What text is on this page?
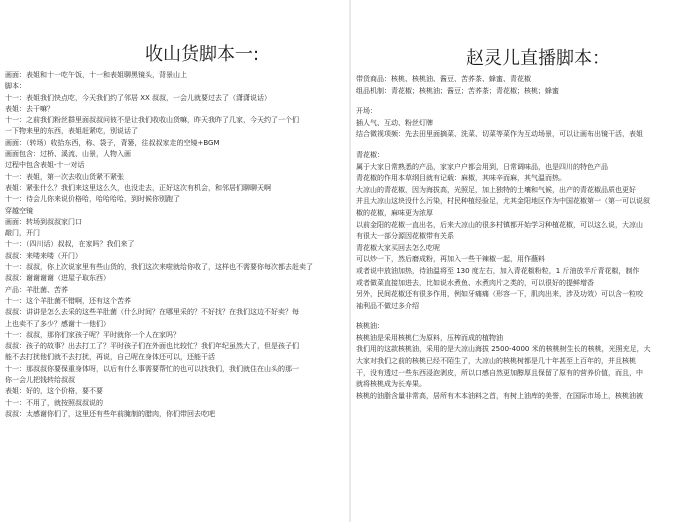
收山货脚本一:
画面：表姐和十一吃午饭，十一和表姐聊黑镜头，背景山上
脚本：
十一：表姐我们快点吃，今天我们约了邻居 XX 叔叔，一会儿就要过去了（潇潇说话）
表姐：去干嘛？
十一：之前我们粉丝群里面叔叔问彼不是让我们收收山货嘛，昨天我昨了几家，今天约了一个们
一下物来里的东西，表姐赶紧吃，别说话了
画面：（转场）收拾东西，称、袋子，背篓，往叔叔家走的空镜+BGM
画面包含：过桥、溪流、山景，人物入画
过程中包含表姐-十一对话
十一：表姐，第一次去收山货紧不紧张
表姐：紧张什么？我们来这里这么久，也没走去，正好这次有机会，和邻居们聊聊天啊
十一：待会儿你来说价格哈，哈哈哈哈，到时候你别跑了
穿越空镜
画面：转场到叔叔家门口
敲门，开门
十一：（四川话）叔叔，在家吗？我们来了
叔叔：来喽来喽（开门）
十一：叔叔，你上次说家里有些山货的，我们这次来啦就给你收了，这样也不需要你每次都去赶卖了
叔叔：谢谢谢谢（进屋子取东西）
产品：羊肚菌、苦荞
十一：这个羊肚菌不错啊，还有这个苦荞
叔叔：讲讲是怎么去采的这些羊肚菌（什么时间？在哪里采的？不好找？在我们这边不好卖？每
上也卖不了多少？感谢十一他们）
十一：叔叔，那你们家孩子呢？平时就你一个人在家吗？
叔叔：孩子的故事？出去打工了？平时孩子们在外面也比较忙？我们年纪虽然大了，但是孩子们
能不去打扰他们就不去打扰，再说，自己呢在身体还可以，还能干活
十一：那叔叔你要保重身体呀，以后有什么事需要帮忙的也可以找我们，我们就住在山头的那一
你一会儿把钱转给叔叔
表姐：好的，这个价格，要不要
十一：不用了，就按照叔叔说的
叔叔：太感谢你们了，这里还有些年前腌制的腊肉，你们带回去吃吧
赵灵儿直播脚本：
带货商品：核桃、核桃油、酱豆、苦荞茶、蜂蜜、青花椒
组品机制：青花椒；核桃油；酱豆；苦荞茶；青花椒；核桃；蜂蜜
开场：
插人气、互动、粉丝灯牌
结合微视项频：先去田里面摘菜、洗菜、切菜等菜作为互动场景，可以让画布出镜干活，表姐
青花椒：
属于大家日常熟悉的产品，家家户户都会用到，日常调味品，也是四川的特色产品
青花椒的作用本草纲目就有记载：麻椒，其味辛而麻，其气温而热。
大凉山的青花椒，因为海拔高，光照足，加上独特的土壤和气候，出产的青花椒品质也更好
并且大凉山这块没什么污染，村民种植经验足，尤其金阳地区作为中国花椒第一（第一可以说叙
椒的花椒，麻味更为浓厚
以前金阳的花椒一直出名，后来大凉山的很多村镇都开始学习种植花椒，可以这么说，大凉山
有很大一部分源因花椒带有关系
青花椒大家买回去怎么吃呢
可以炒一下，然后磨成粉，再加入一些干辣椒一起，用作蘸料
或者说中放油加热，待油温将至 130 度左右，加入青花椒粉粒，1 斤油放半斤青花椒，制作
或者做菜直接加进去，比如说水煮鱼、水煮肉片之类的，可以很好的提鲜增香
另外，民间花椒还有很多作用，例如牙痛痛（形容一下，肌肉出来，涉及功效）可以含一粒咬
袖利品不做过多介绍
核桃油：
核桃油是采用核桃仁为原料，压榨而成的植物油
我们用的这款核桃油，采用的是大凉山海拔 2500-4000 米的核桃树生长的核桃，光照充足，大
大家对我们之前的核桃已经不陌生了，大凉山的核桃树都是几十年甚至上百年的，并且核桃
干，没有透过一些东西浸泡剥皮，所以口感自然更加醇厚且保留了原有的营养价值，而且，中
就将核桃成为长寿果。
核桃的油脂含量非常高，居所有木本油料之首，有树上油库的美誉，在国际市场上，核桃油被
